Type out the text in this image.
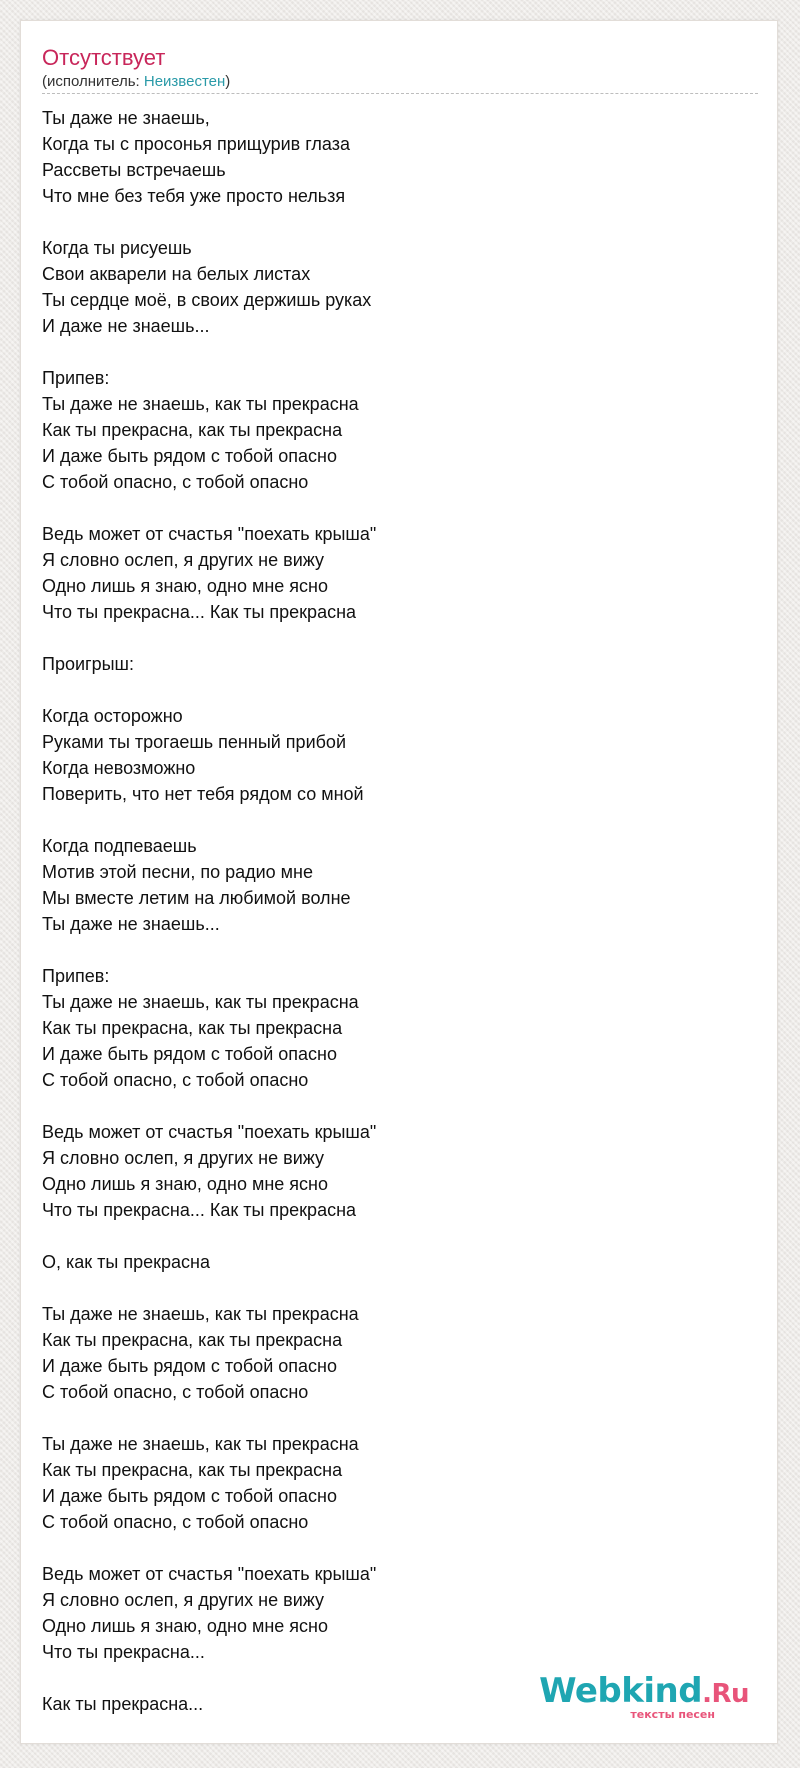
Отсутствует
(исполнитель: Неизвестен)
Ты даже не знаешь,
Когда ты с просонья прищурив глаза
Рассветы встречаешь
Что мне без тебя уже просто нельзя
Когда ты рисуешь
Свои акварели на белых листах
Ты сердце моё, в своих держишь руках
И даже не знаешь...
Припев:
Ты даже не знаешь, как ты прекрасна
Как ты прекрасна, как ты прекрасна
И даже быть рядом с тобой опасно
С тобой опасно, с тобой опасно
Ведь может от счастья "поехать крыша"
Я словно ослеп, я других не вижу
Одно лишь я знаю, одно мне ясно
Что ты прекрасна... Как ты прекрасна
Проигрыш:
Когда осторожно
Руками ты трогаешь пенный прибой
Когда невозможно
Поверить, что нет тебя рядом со мной
Когда подпеваешь
Мотив этой песни, по радио мне
Мы вместе летим на любимой волне
Ты даже не знаешь...
Припев:
Ты даже не знаешь, как ты прекрасна
Как ты прекрасна, как ты прекрасна
И даже быть рядом с тобой опасно
С тобой опасно, с тобой опасно
Ведь может от счастья "поехать крыша"
Я словно ослеп, я других не вижу
Одно лишь я знаю, одно мне ясно
Что ты прекрасна... Как ты прекрасна
О, как ты прекрасна
Ты даже не знаешь, как ты прекрасна
Как ты прекрасна, как ты прекрасна
И даже быть рядом с тобой опасно
С тобой опасно, с тобой опасно
Ты даже не знаешь, как ты прекрасна
Как ты прекрасна, как ты прекрасна
И даже быть рядом с тобой опасно
С тобой опасно, с тобой опасно
Ведь может от счастья "поехать крыша"
Я словно ослеп, я других не вижу
Одно лишь я знаю, одно мне ясно
Что ты прекрасна...
Как ты прекрасна...	Webkind.Ru
тексты песен
